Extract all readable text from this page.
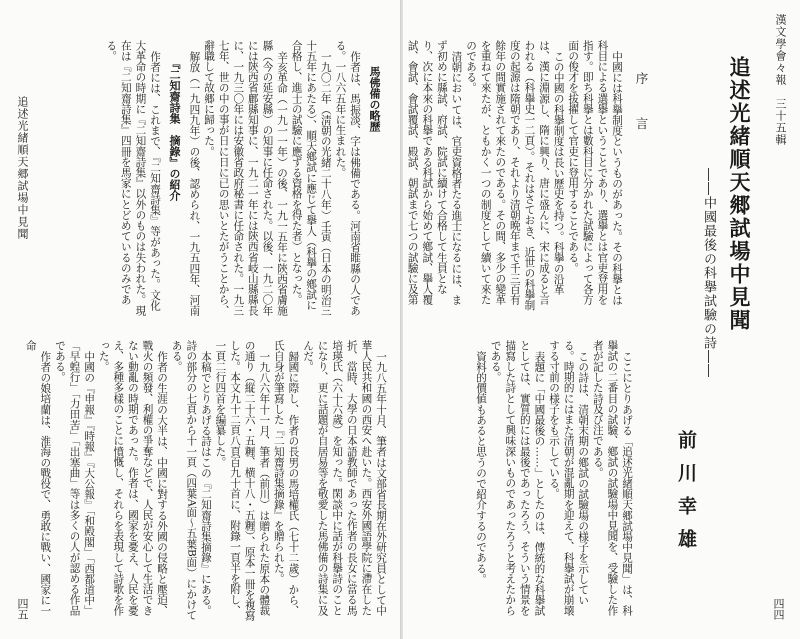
漢文學會々報　三十五輯
追述光緒順天郷試場中見聞
――中國最後の科擧試驗の詩――
序　言

中國には科擧制度というものがあった。その科擧とは科目による選擧ということであり、選擧とは官吏登用を指す。即ち科擧とは數科目に分かれた試驗によって各方面の俊才を拔擢して官吏に登用することである。

この中國の科擧制度は長い歷史を持つ。科擧の沿革は、漢に淵源し、隋に興り、唐に盛んに、宋に成ると言われる（科擧史一二頁）。それはさておき、近世の科擧制度の起源は隋朝であり、それより清朝晩年まで千三百有餘年の間實施されて來たのである。その間、多少の變革を重ねて來たが、ともかく一つの制度として續いて來たのである。

清朝においては、官吏資格者たる進士になるには、まず初めに縣試、府試、院試に續けて合格して生員となり、次に本來の科擧である科試から始めて鄕試、擧人覆試、會試、會試覆試、殿試、朝試まで七つの試驗に及第

ここにとりあげる「追述光緒順天郷試場中見聞」は、科擧試の二番目の試驗、鄕試の試驗場中見聞を、受驗した作者が記した詩及び注である。

この詩は、清朝末期の鄕試の試驗場の様子を示している。時期的にはまた清朝が混亂期を迎えて、科擧試が崩壊する寸前の様子をも示している。

表題に「中國最後の……」としたのは、傳統的な科擧試としては、實質的には最後であったろう、そういう情景を描寫した詩として興味深いものであったろうと考えたからである。

資料的價値もあると思うので紹介するのである。	前川幸雄
四四
馬佛備の略歷

作者は、馬振淡、字は佛備である。河南省睢縣の人である。一八六五年に生まれた。

一九〇二年（淸朝の光緒二十八年）壬寅（日本の明治三十五年にあたる）、順天鄕試に應じて擧人（科擧の鄕試に合格し、進士の試驗に應ずる資格を得た者）となった。

辛亥革命（一九一一年）の後、一九一五年に陝西省膚施縣（今の延安縣）の知事に任命された。以後、一九二〇年には陝西省鄜縣知事に、一九二一年には陝西省岐山縣縣長に、一九三〇年には安徽省政府秘書に任命された。一九三七年、世の中の事が日に日に已の思いとたがうことから、辭職して故郷に歸った。

解放（一九四九年）の後、認められ、一九五四年、河南

『二知齋詩集　摘錄』の紹介

作者には、これまで、『二知齋詩集』等があった。文化大革命の時期に『二知齋詩集』以外のものは失われた。現在は『二知齋詩集』四冊を馬家にとどめているのみである。

一九八五年十月、筆者は文部省長期在外研究員として中華人民共和國の西安へ赴いた。西安外國語學院に滯在した折、當時、大學の日本語教師であった作者の長女に當る馬培瑛氏（六十六歲）を知った。閑談中に話が科擧詩のことになり、更に話題が自居易等を敬愛した馬佛備の詩集に及んだ。

歸國に際し、作者の長男の馬培權氏（七十二歲）から、氏自身が筆寫した『二知齋詩集摘錄』を贈られた。

一九八六年十一月、筆者（前川）は贈られた原本の體裁の通り（縦二十六・五糎、横十八・五糎）、原本一冊を複寫した。本文九十二頁八頁百九十首に、附錄一頁半を附し、一頁二行四首を編纂した。

本稿でとりあげる詩はこの『二知齋詩集摘錄』にある。詩の部分の七頁から十一頁（四葉A面〜五葉B面）にかけてある。

作者の生涯の大半は、中國に對する外國の侵略と壓迫、戰火の頻發、利權の爭奪などで、人民が安心して生活できない動亂の時期であった。作者は、國家を憂え、人民を憂え、多種多樣のことに憤慨し、それらを表現して詩歌を作った。

中國の『申報』『時報』『大公報』「和殿閣」「西都道中」「早蝗行」「力田苦」「出塞曲」等は多くの人が認める作品である。

作者の娘培蘭は、淮海の戰役で、勇敢に戰い、國家に一命

追述光緒順天郷試場中見聞
四五
